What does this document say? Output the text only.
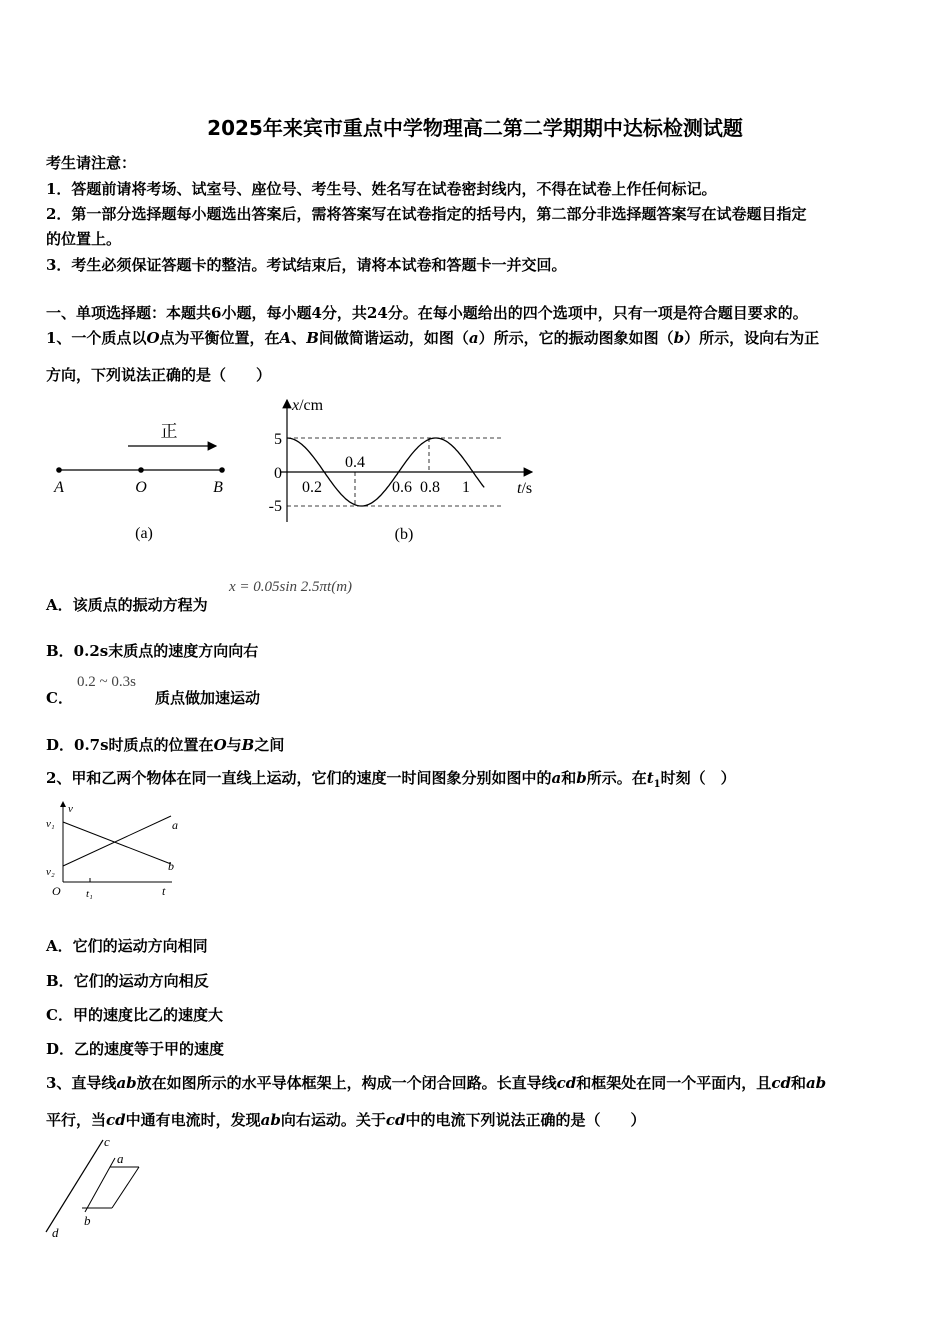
2025年来宾市重点中学物理高二第二学期期中达标检测试题
考生请注意：
1．答题前请将考场、试室号、座位号、考生号、姓名写在试卷密封线内，不得在试卷上作任何标记。
2．第一部分选择题每小题选出答案后，需将答案写在试卷指定的括号内，第二部分非选择题答案写在试卷题目指定
的位置上。
3．考生必须保证答题卡的整洁。考试结束后，请将本试卷和答题卡一并交回。
一、单项选择题：本题共6小题，每小题4分，共24分。在每小题给出的四个选项中，只有一项是符合题目要求的。
1、一个质点以O点为平衡位置，在A、B间做简谐运动，如图（a）所示，它的振动图象如图（b）所示，设向右为正
方向，下列说法正确的是（　　）
正
A	O	B
(a)
x/cm
5
0
-5
0.2
0.4
0.6 0.8 1	t/s
(b)
A．该质点的振动方程为
x = 0.05sin 2.5πt(m)
B．0.2s末质点的速度方向向右
C．
0.2 ~ 0.3s
质点做加速运动
D．0.7s时质点的位置在O与B之间
2、甲和乙两个物体在同一直线上运动，它们的速度一时间图象分别如图中的a和b所示。在$t_1$时刻（　）
v
v₁
v₂
O t₁	t
a
b
A．它们的运动方向相同
B．它们的运动方向相反
C．甲的速度比乙的速度大
D．乙的速度等于甲的速度
3、直导线ab放在如图所示的水平导体框架上，构成一个闭合回路。长直导线cd和框架处在同一个平面内，且cd和ab
平行，当cd中通有电流时，发现ab向右运动。关于cd中的电流下列说法正确的是（　　）
c
a
b
d
